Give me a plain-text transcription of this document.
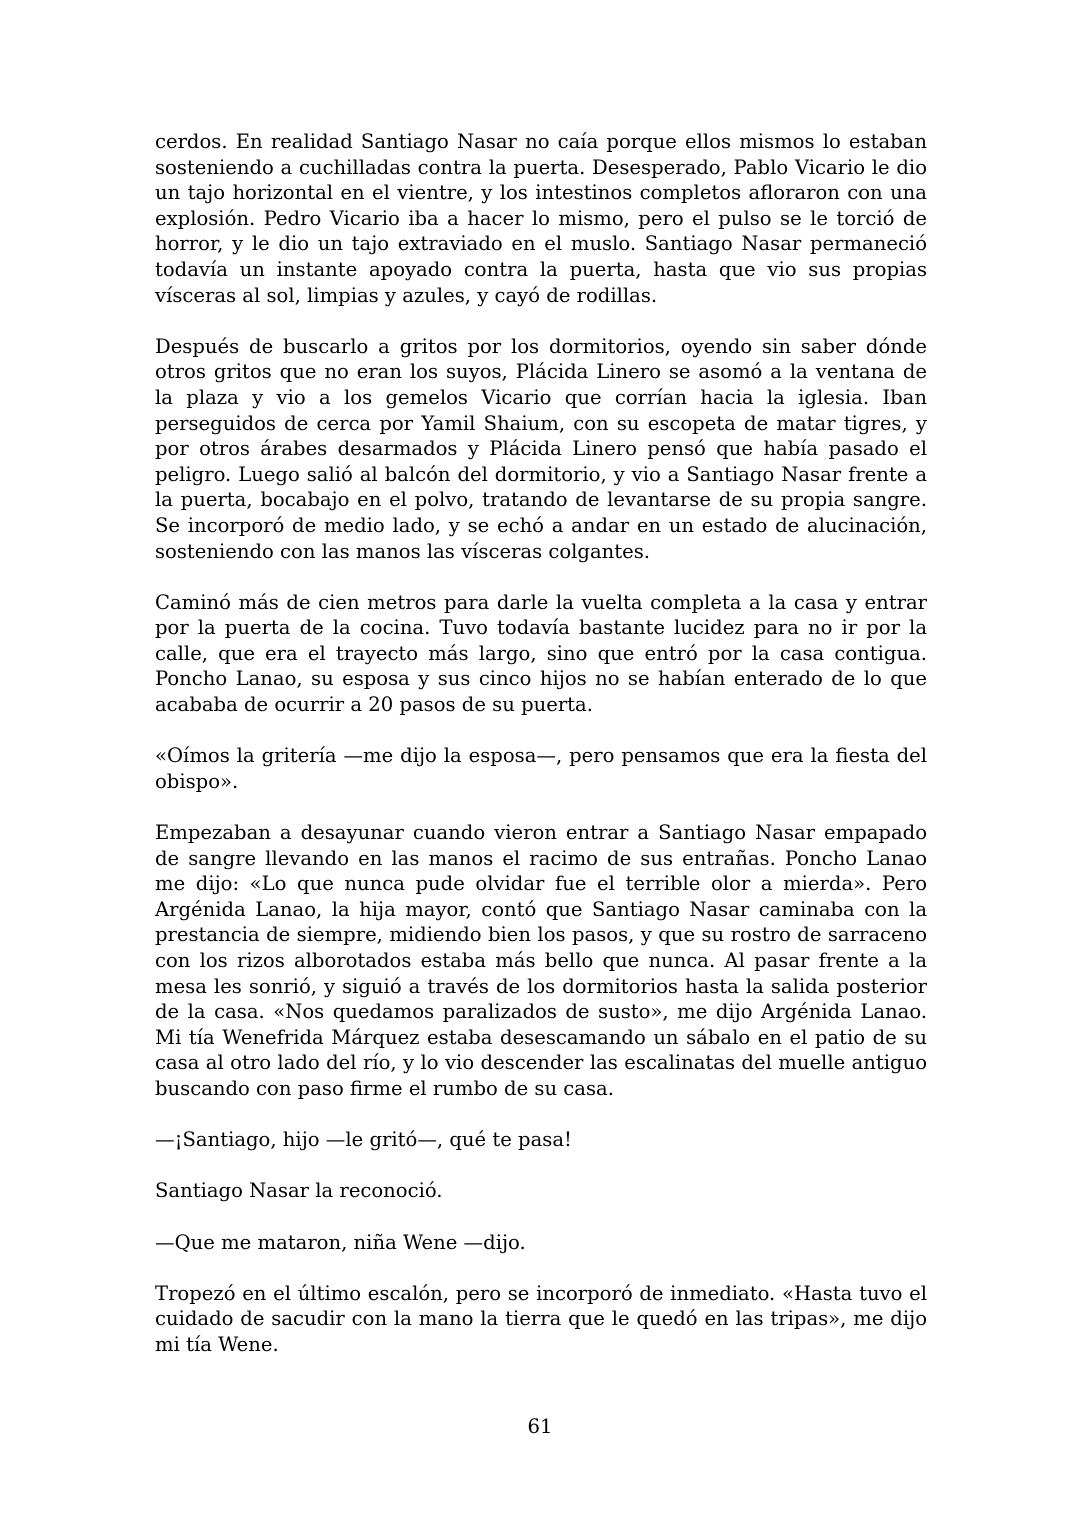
cerdos. En realidad Santiago Nasar no caía porque ellos mismos lo estaban sosteniendo a cuchilladas contra la puerta. Desesperado, Pablo Vicario le dio un tajo horizontal en el vientre, y los intestinos completos afloraron con una explosión. Pedro Vicario iba a hacer lo mismo, pero el pulso se le torció de horror, y le dio un tajo extraviado en el muslo. Santiago Nasar permaneció todavía un instante apoyado contra la puerta, hasta que vio sus propias vísceras al sol, limpias y azules, y cayó de rodillas.

Después de buscarlo a gritos por los dormitorios, oyendo sin saber dónde otros gritos que no eran los suyos, Plácida Linero se asomó a la ventana de la plaza y vio a los gemelos Vicario que corrían hacia la iglesia. Iban perseguidos de cerca por Yamil Shaium, con su escopeta de matar tigres, y por otros árabes desarmados y Plácida Linero pensó que había pasado el peligro. Luego salió al balcón del dormitorio, y vio a Santiago Nasar frente a la puerta, bocabajo en el polvo, tratando de levantarse de su propia sangre. Se incorporó de medio lado, y se echó a andar en un estado de alucinación, sosteniendo con las manos las vísceras colgantes.

Caminó más de cien metros para darle la vuelta completa a la casa y entrar por la puerta de la cocina. Tuvo todavía bastante lucidez para no ir por la calle, que era el trayecto más largo, sino que entró por la casa contigua. Poncho Lanao, su esposa y sus cinco hijos no se habían enterado de lo que acababa de ocurrir a 20 pasos de su puerta.

«Oímos la gritería —me dijo la esposa—, pero pensamos que era la fiesta del obispo».

Empezaban a desayunar cuando vieron entrar a Santiago Nasar empapado de sangre llevando en las manos el racimo de sus entrañas. Poncho Lanao me dijo: «Lo que nunca pude olvidar fue el terrible olor a mierda». Pero Argénida Lanao, la hija mayor, contó que Santiago Nasar caminaba con la prestancia de siempre, midiendo bien los pasos, y que su rostro de sarraceno con los rizos alborotados estaba más bello que nunca. Al pasar frente a la mesa les sonrió, y siguió a través de los dormitorios hasta la salida posterior de la casa. «Nos quedamos paralizados de susto», me dijo Argénida Lanao. Mi tía Wenefrida Márquez estaba desescamando un sábalo en el patio de su casa al otro lado del río, y lo vio descender las escalinatas del muelle antiguo buscando con paso firme el rumbo de su casa.

—¡Santiago, hijo —le gritó—, qué te pasa!

Santiago Nasar la reconoció.

—Que me mataron, niña Wene —dijo.

Tropezó en el último escalón, pero se incorporó de inmediato. «Hasta tuvo el cuidado de sacudir con la mano la tierra que le quedó en las tripas», me dijo mi tía Wene.

61
